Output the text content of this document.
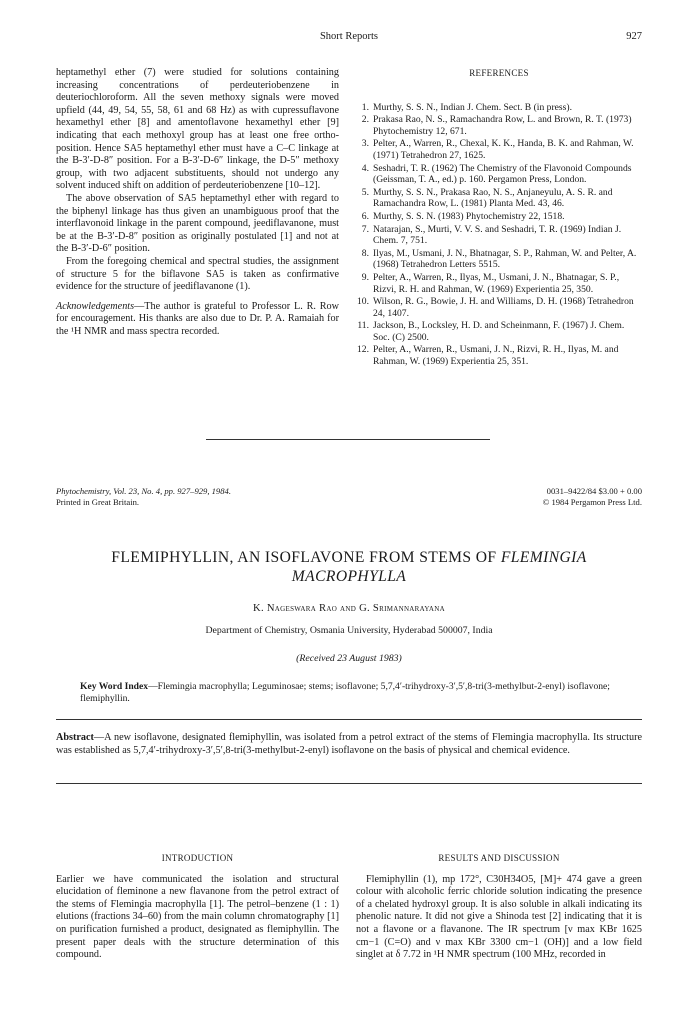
Short Reports	927

heptamethyl ether (7) were studied for solutions containing increasing concentrations of perdeuteriobenzene in deuteriochloroform. All the seven methoxy signals were moved upfield (44, 49, 54, 55, 58, 61 and 68 Hz) as with cupressuflavone hexamethyl ether [8] and amentoflavone hexamethyl ether [9] indicating that each methoxyl group has at least one free ortho-position. Hence SA5 heptamethyl ether must have a C–C linkage at the B-3′-D-8″ position. For a B-3′-D-6″ linkage, the D-5″ methoxy group, with two adjacent substituents, should not undergo any solvent induced shift on addition of perdeuteriobenzene [10–12].

The above observation of SA5 heptamethyl ether with regard to the biphenyl linkage has thus given an unambiguous proof that the interflavonoid linkage in the parent compound, jeediflavanone, must be at the B-3′-D-8″ position as originally postulated [1] and not at the B-3′-D-6″ position.

From the foregoing chemical and spectral studies, the assignment of structure 5 for the biflavone SA5 is taken as confirmative evidence for the structure of jeediflavanone (1).

Acknowledgements—The author is grateful to Professor L. R. Row for encouragement. His thanks are also due to Dr. P. A. Ramaiah for the ¹H NMR and mass spectra recorded.

REFERENCES
1. Murthy, S. S. N., Indian J. Chem. Sect. B (in press).
2. Prakasa Rao, N. S., Ramachandra Row, L. and Brown, R. T. (1973) Phytochemistry 12, 671.
3. Pelter, A., Warren, R., Chexal, K. K., Handa, B. K. and Rahman, W. (1971) Tetrahedron 27, 1625.
4. Seshadri, T. R. (1962) The Chemistry of the Flavonoid Compounds (Geissman, T. A., ed.) p. 160. Pergamon Press, London.
5. Murthy, S. S. N., Prakasa Rao, N. S., Anjaneyulu, A. S. R. and Ramachandra Row, L. (1981) Planta Med. 43, 46.
6. Murthy, S. S. N. (1983) Phytochemistry 22, 1518.
7. Natarajan, S., Murti, V. V. S. and Seshadri, T. R. (1969) Indian J. Chem. 7, 751.
8. Ilyas, M., Usmani, J. N., Bhatnagar, S. P., Rahman, W. and Pelter, A. (1968) Tetrahedron Letters 5515.
9. Pelter, A., Warren, R., Ilyas, M., Usmani, J. N., Bhatnagar, S. P., Rizvi, R. H. and Rahman, W. (1969) Experientia 25, 350.
10. Wilson, R. G., Bowie, J. H. and Williams, D. H. (1968) Tetrahedron 24, 1407.
11. Jackson, B., Locksley, H. D. and Scheinmann, F. (1967) J. Chem. Soc. (C) 2500.
12. Pelter, A., Warren, R., Usmani, J. N., Rizvi, R. H., Ilyas, M. and Rahman, W. (1969) Experientia 25, 351.
Phytochemistry, Vol. 23, No. 4, pp. 927–929, 1984.
Printed in Great Britain.
0031–9422/84 $3.00 + 0.00
© 1984 Pergamon Press Ltd.
FLEMIPHYLLIN, AN ISOFLAVONE FROM STEMS OF FLEMINGIA
MACROPHYLLA
K. Nageswara Rao and G. Srimannarayana
Department of Chemistry, Osmania University, Hyderabad 500007, India
(Received 23 August 1983)
Key Word Index—Flemingia macrophylla; Leguminosae; stems; isoflavone; 5,7,4′-trihydroxy-3′,5′,8-tri(3-methylbut-2-enyl) isoflavone; flemiphyllin.
Abstract—A new isoflavone, designated flemiphyllin, was isolated from a petrol extract of the stems of Flemingia macrophylla. Its structure was established as 5,7,4′-trihydroxy-3′,5′,8-tri(3-methylbut-2-enyl) isoflavone on the basis of physical and chemical evidence.
INTRODUCTION

Earlier we have communicated the isolation and structural elucidation of fleminone a new flavanone from the petrol extract of the stems of Flemingia macrophylla [1]. The petrol–benzene (1 : 1) elutions (fractions 34–60) from the main column chromatography [1] on purification furnished a product, designated as flemiphyllin. The present paper deals with the structure determination of this compound.

RESULTS AND DISCUSSION

Flemiphyllin (1), mp 172°, C30H34O5, [M]+ 474 gave a green colour with alcoholic ferric chloride solution indicating the presence of a chelated hydroxyl group. It is also soluble in alkali indicating its phenolic nature. It did not give a Shinoda test [2] indicating that it is not a flavone or a flavanone. The IR spectrum [ν max KBr 1625 cm−1 (C=O) and ν max KBr 3300 cm−1 (OH)] and a low field singlet at δ 7.72 in ¹H NMR spectrum (100 MHz, recorded in
